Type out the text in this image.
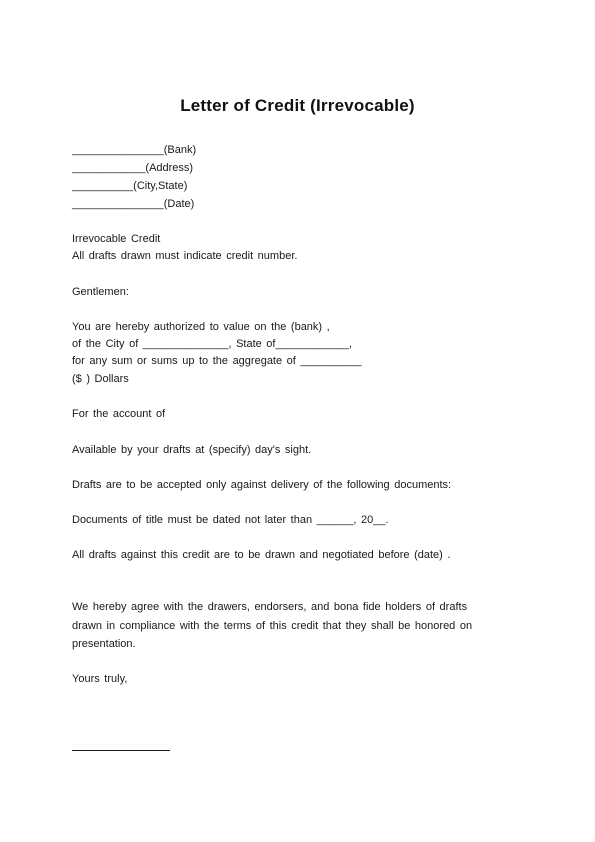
Letter of Credit (Irrevocable)
_______________(Bank)
____________(Address)
__________(City,State)
_______________(Date)
Irrevocable Credit
All drafts drawn must indicate credit number.
Gentlemen:
You are hereby authorized to value on the (bank) ,
of the City of ______________, State of____________,
for any sum or sums up to the aggregate of __________
($ ) Dollars
For the account of
Available by your drafts at (specify) day's sight.
Drafts are to be accepted only against delivery of the following documents:
Documents of title must be dated not later than ______, 20__.
All drafts against this credit are to be drawn and negotiated before (date) .
We hereby agree with the drawers, endorsers, and bona fide holders of drafts
drawn in compliance with the terms of this credit that they shall be honored on
presentation.
Yours truly,
